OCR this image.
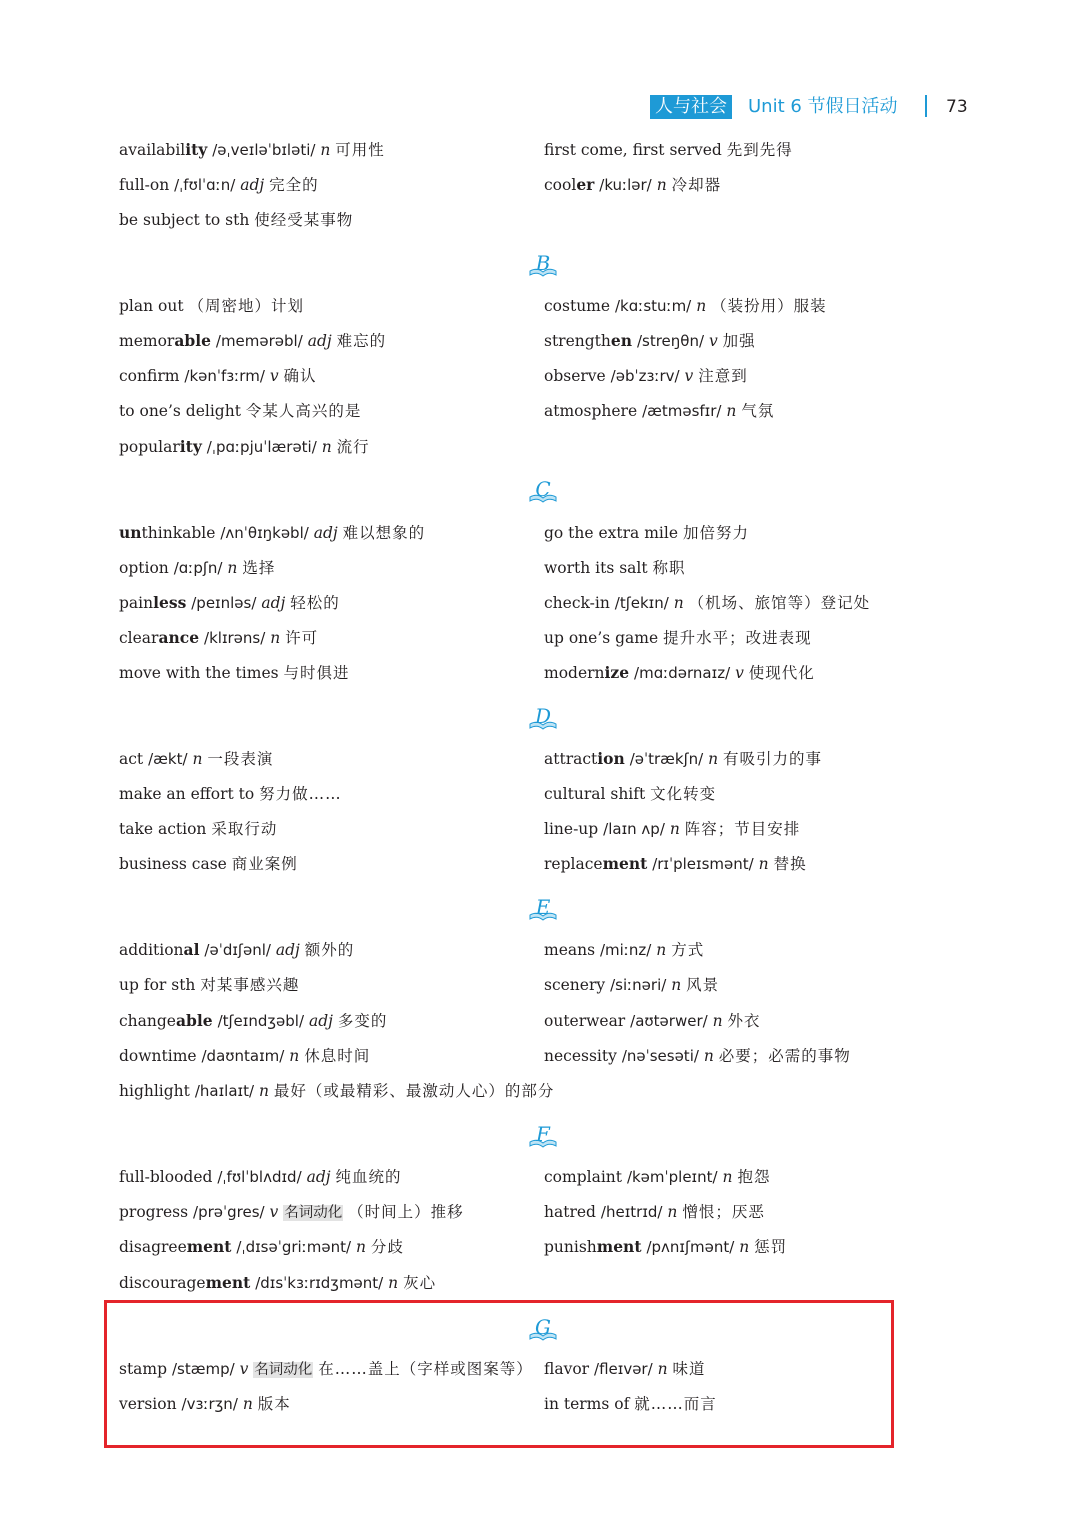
人与社会 Unit 6 节假日活动	73
availability /əˌveɪləˈbɪləti/ n 可用性
full-on /ˌfʊlˈɑːn/ adj 完全的
be subject to sth 使经受某事物
first come, first served 先到先得
cooler /kuːlər/ n 冷却器
B
plan out （周密地）计划
memorable /memərəbl/ adj 难忘的
confirm /kənˈfɜːrm/ v 确认
to one’s delight 令某人高兴的是
popularity /ˌpɑːpjuˈlærəti/ n 流行
costume /kɑːstuːm/ n （装扮用）服装
strengthen /streŋθn/ v 加强
observe /əbˈzɜːrv/ v 注意到
atmosphere /ætməsfɪr/ n 气氛
C
unthinkable /ʌnˈθɪŋkəbl/ adj 难以想象的
option /ɑːpʃn/ n 选择
painless /peɪnləs/ adj 轻松的
clearance /klɪrəns/ n 许可
move with the times 与时俱进
go the extra mile 加倍努力
worth its salt 称职
check-in /tʃekɪn/ n （机场、旅馆等）登记处
up one’s game 提升水平；改进表现
modernize /mɑːdərnaɪz/ v 使现代化
D
act /ækt/ n 一段表演
make an effort to 努力做……
take action 采取行动
business case 商业案例
attraction /əˈtrækʃn/ n 有吸引力的事
cultural shift 文化转变
line-up /laɪn ʌp/ n 阵容；节目安排
replacement /rɪˈpleɪsmənt/ n 替换
E
additional /əˈdɪʃənl/ adj 额外的
up for sth 对某事感兴趣
changeable /tʃeɪndʒəbl/ adj 多变的
downtime /daʊntaɪm/ n 休息时间
highlight /haɪlaɪt/ n 最好（或最精彩、最激动人心）的部分
means /miːnz/ n 方式
scenery /siːnəri/ n 风景
outerwear /aʊtərwer/ n 外衣
necessity /nəˈsesəti/ n 必要；必需的事物
F
full-blooded /ˌfʊlˈblʌdɪd/ adj 纯血统的
progress /prəˈgres/ v 名词动化 （时间上）推移
disagreement /ˌdɪsəˈgriːmənt/ n 分歧
discouragement /dɪsˈkɜːrɪdʒmənt/ n 灰心
complaint /kəmˈpleɪnt/ n 抱怨
hatred /heɪtrɪd/ n 憎恨；厌恶
punishment /pʌnɪʃmənt/ n 惩罚
G
stamp /stæmp/ v 名词动化 在……盖上（字样或图案等）
version /vɜːrʒn/ n 版本
flavor /fleɪvər/ n 味道
in terms of 就……而言
